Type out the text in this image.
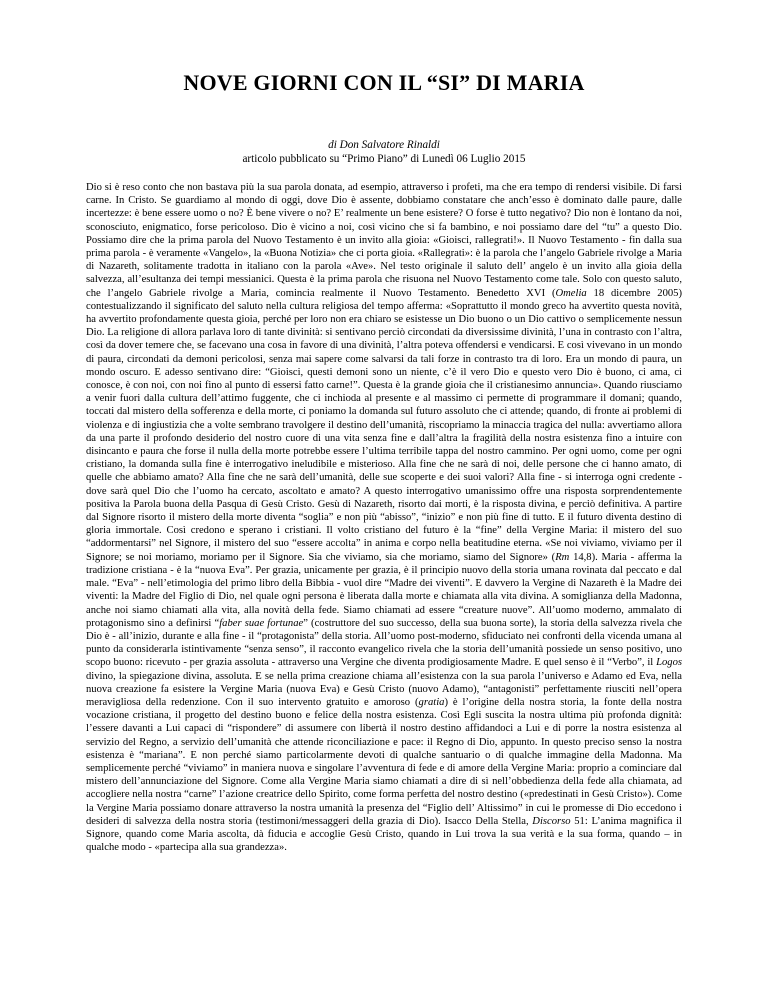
NOVE GIORNI CON IL “SI” DI MARIA
di Don Salvatore Rinaldi
articolo pubblicato su “Primo Piano” di Lunedì 06 Luglio 2015

Dio si è reso conto che non bastava più la sua parola donata, ad esempio, attraverso i profeti, ma che era tempo di rendersi visibile. Di farsi carne. In Cristo. Se guardiamo al mondo di oggi, dove Dio è assente, dobbiamo constatare che anch’esso è dominato dalle paure, dalle incertezze: è bene essere uomo o no? È bene vivere o no? E’ realmente un bene esistere? O forse è tutto negativo? Dio non è lontano da noi, sconosciuto, enigmatico, forse pericoloso. Dio è vicino a noi, così vicino che si fa bambino, e noi possiamo dare del “tu” a questo Dio. Possiamo dire che la prima parola del Nuovo Testamento è un invito alla gioia: «Gioisci, rallegrati!». Il Nuovo Testamento - fin dalla sua prima parola - è veramente «Vangelo», la «Buona Notizia» che ci porta gioia. «Rallegrati»: è la parola che l’angelo Gabriele rivolge a Maria di Nazareth, solitamente tradotta in italiano con la parola «Ave». Nel testo originale il saluto dell’ angelo è un invito alla gioia della salvezza, all’esultanza dei tempi messianici. Questa è la prima parola che risuona nel Nuovo Testamento come tale. Solo con questo saluto, che l’angelo Gabriele rivolge a Maria, comincia realmente il Nuovo Testamento. Benedetto XVI (Omelia 18 dicembre 2005) contestualizzando il significato del saluto nella cultura religiosa del tempo afferma: «Soprattutto il mondo greco ha avvertito questa novità, ha avvertito profondamente questa gioia, perché per loro non era chiaro se esistesse un Dio buono o un Dio cattivo o semplicemente nessun Dio. La religione di allora parlava loro di tante divinità: si sentivano perciò circondati da diversissime divinità, l’una in contrasto con l’altra, così da dover temere che, se facevano una cosa in favore di una divinità, l’altra poteva offendersi e vendicarsi. E così vivevano in un mondo di paura, circondati da demoni pericolosi, senza mai sapere come salvarsi da tali forze in contrasto tra di loro. Era un mondo di paura, un mondo oscuro. E adesso sentivano dire: “Gioisci, questi demoni sono un niente, c’è il vero Dio e questo vero Dio è buono, ci ama, ci conosce, è con noi, con noi fino al punto di essersi fatto carne!”. Questa è la grande gioia che il cristianesimo annuncia». Quando riusciamo a venir fuori dalla cultura dell’attimo fuggente, che ci inchioda al presente e al massimo ci permette di programmare il domani; quando, toccati dal mistero della sofferenza e della morte, ci poniamo la domanda sul futuro assoluto che ci attende; quando, di fronte ai problemi di violenza e di ingiustizia che a volte sembrano travolgere il destino dell’umanità, riscopriamo la minaccia tragica del nulla: avvertiamo allora da una parte il profondo desiderio del nostro cuore di una vita senza fine e dall’altra la fragilità della nostra esistenza fino a intuire con disincanto e paura che forse il nulla della morte potrebbe essere l’ultima terribile tappa del nostro cammino. Per ogni uomo, come per ogni cristiano, la domanda sulla fine è interrogativo ineludibile e misterioso. Alla fine che ne sarà di noi, delle persone che ci hanno amato, di quelle che abbiamo amato? Alla fine che ne sarà dell’umanità, delle sue scoperte e dei suoi valori? Alla fine - si interroga ogni credente - dove sarà quel Dio che l’uomo ha cercato, ascoltato e amato? A questo interrogativo umanissimo offre una risposta sorprendentemente positiva la Parola buona della Pasqua di Gesù Cristo. Gesù di Nazareth, risorto dai morti, è la risposta divina, e perciò definitiva. A partire dal Signore risorto il mistero della morte diventa “soglia” e non più “abisso”, “inizio” e non più fine di tutto. E il futuro diventa destino di gloria immortale. Così credono e sperano i cristiani. Il volto cristiano del futuro è la “fine” della Vergine Maria: il mistero del suo “addormentarsi” nel Signore, il mistero del suo “essere accolta” in anima e corpo nella beatitudine eterna. «Se noi viviamo, viviamo per il Signore; se noi moriamo, moriamo per il Signore. Sia che viviamo, sia che moriamo, siamo del Signore» (Rm 14,8). Maria - afferma la tradizione cristiana - è la “nuova Eva”. Per grazia, unicamente per grazia, è il principio nuovo della storia umana rovinata dal peccato e dal male. “Eva” - nell’etimologia del primo libro della Bibbia - vuol dire “Madre dei viventi”. E davvero la Vergine di Nazareth è la Madre dei viventi: la Madre del Figlio di Dio, nel quale ogni persona è liberata dalla morte e chiamata alla vita divina. A somiglianza della Madonna, anche noi siamo chiamati alla vita, alla novità della fede. Siamo chiamati ad essere “creature nuove”. All’uomo moderno, ammalato di protagonismo sino a definirsi “faber suae fortunae” (costruttore del suo successo, della sua buona sorte), la storia della salvezza rivela che Dio è - all’inizio, durante e alla fine - il “protagonista” della storia. All’uomo post-moderno, sfiduciato nei confronti della vicenda umana al punto da considerarla istintivamente “senza senso”, il racconto evangelico rivela che la storia dell’umanità possiede un senso positivo, uno scopo buono: ricevuto - per grazia assoluta - attraverso una Vergine che diventa prodigiosamente Madre. E quel senso è il “Verbo”, il Logos divino, la spiegazione divina, assoluta. E se nella prima creazione chiama all’esistenza con la sua parola l’universo e Adamo ed Eva, nella nuova creazione fa esistere la Vergine Maria (nuova Eva) e Gesù Cristo (nuovo Adamo), “antagonisti” perfettamente riusciti nell’opera meravigliosa della redenzione. Con il suo intervento gratuito e amoroso (gratia) è l’origine della nostra storia, la fonte della nostra vocazione cristiana, il progetto del destino buono e felice della nostra esistenza. Così Egli suscita la nostra ultima più profonda dignità: l’essere davanti a Lui capaci di “rispondere” di assumere con libertà il nostro destino affidandoci a Lui e di porre la nostra esistenza al servizio del Regno, a servizio dell’umanità che attende riconciliazione e pace: il Regno di Dio, appunto. In questo preciso senso la nostra esistenza è “mariana”. E non perché siamo particolarmente devoti di qualche santuario o di qualche immagine della Madonna. Ma semplicemente perché “viviamo” in maniera nuova e singolare l’avventura di fede e di amore della Vergine Maria: proprio a cominciare dal mistero dell’annunciazione del Signore. Come alla Vergine Maria siamo chiamati a dire di sì nell’obbedienza della fede alla chiamata, ad accogliere nella nostra “carne” l’azione creatrice dello Spirito, come forma perfetta del nostro destino («predestinati in Gesù Cristo»). Come la Vergine Maria possiamo donare attraverso la nostra umanità la presenza del “Figlio dell’ Altissimo” in cui le promesse di Dio eccedono i desideri di salvezza della nostra storia (testimoni/messaggeri della grazia di Dio). Isacco Della Stella, Discorso 51: L’anima magnifica il Signore, quando come Maria ascolta, dà fiducia e accoglie Gesù Cristo, quando in Lui trova la sua verità e la sua forma, quando – in qualche modo - «partecipa alla sua grandezza».
